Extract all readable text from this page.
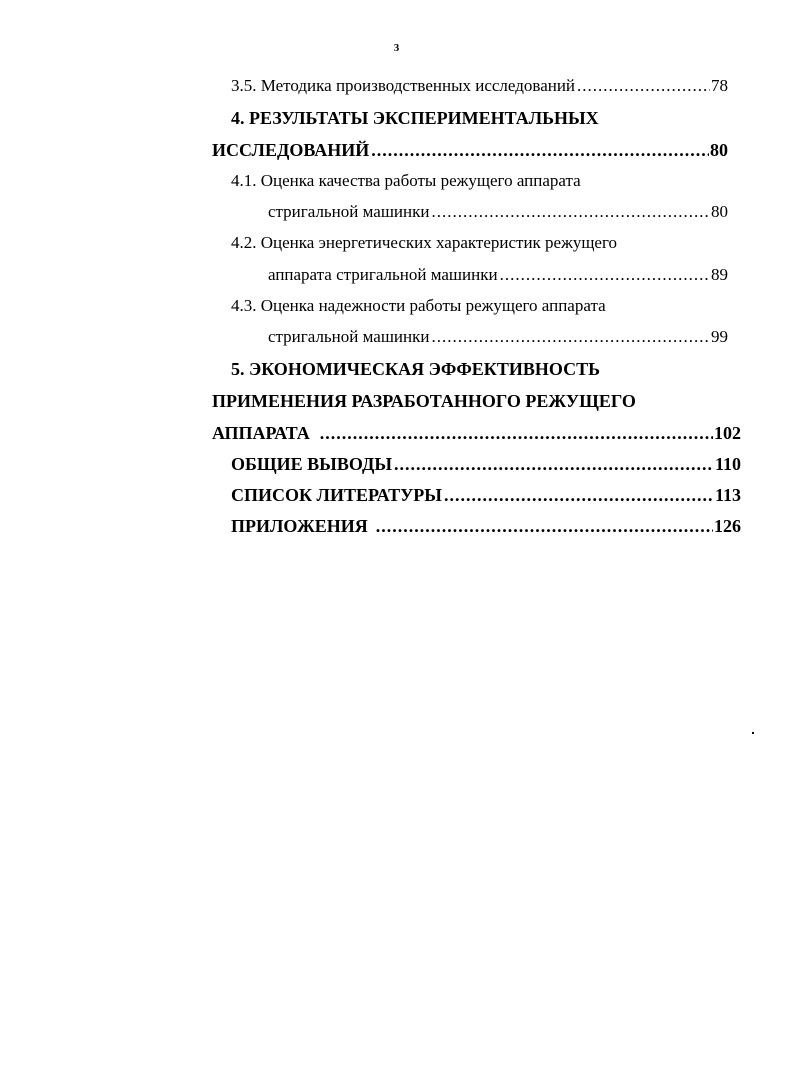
3
3.5. Методика производственных исследований .....	78
4. РЕЗУЛЬТАТЫ ЭКСПЕРИМЕНТАЛЬНЫХ
ИССЛЕДОВАНИЙ .....	80
4.1. Оценка качества работы режущего аппарата
стригальной машинки .....	80
4.2. Оценка энергетических характеристик режущего
аппарата стригальной машинки .....	89
4.3. Оценка надежности работы режущего аппарата
стригальной машинки .....	99
5. ЭКОНОМИЧЕСКАЯ ЭФФЕКТИВНОСТЬ
ПРИМЕНЕНИЯ РАЗРАБОТАННОГО РЕЖУЩЕГО
АППАРАТА .....	102
ОБЩИЕ ВЫВОДЫ .....	110
СПИСОК ЛИТЕРАТУРЫ .....	113
ПРИЛОЖЕНИЯ .....	126
